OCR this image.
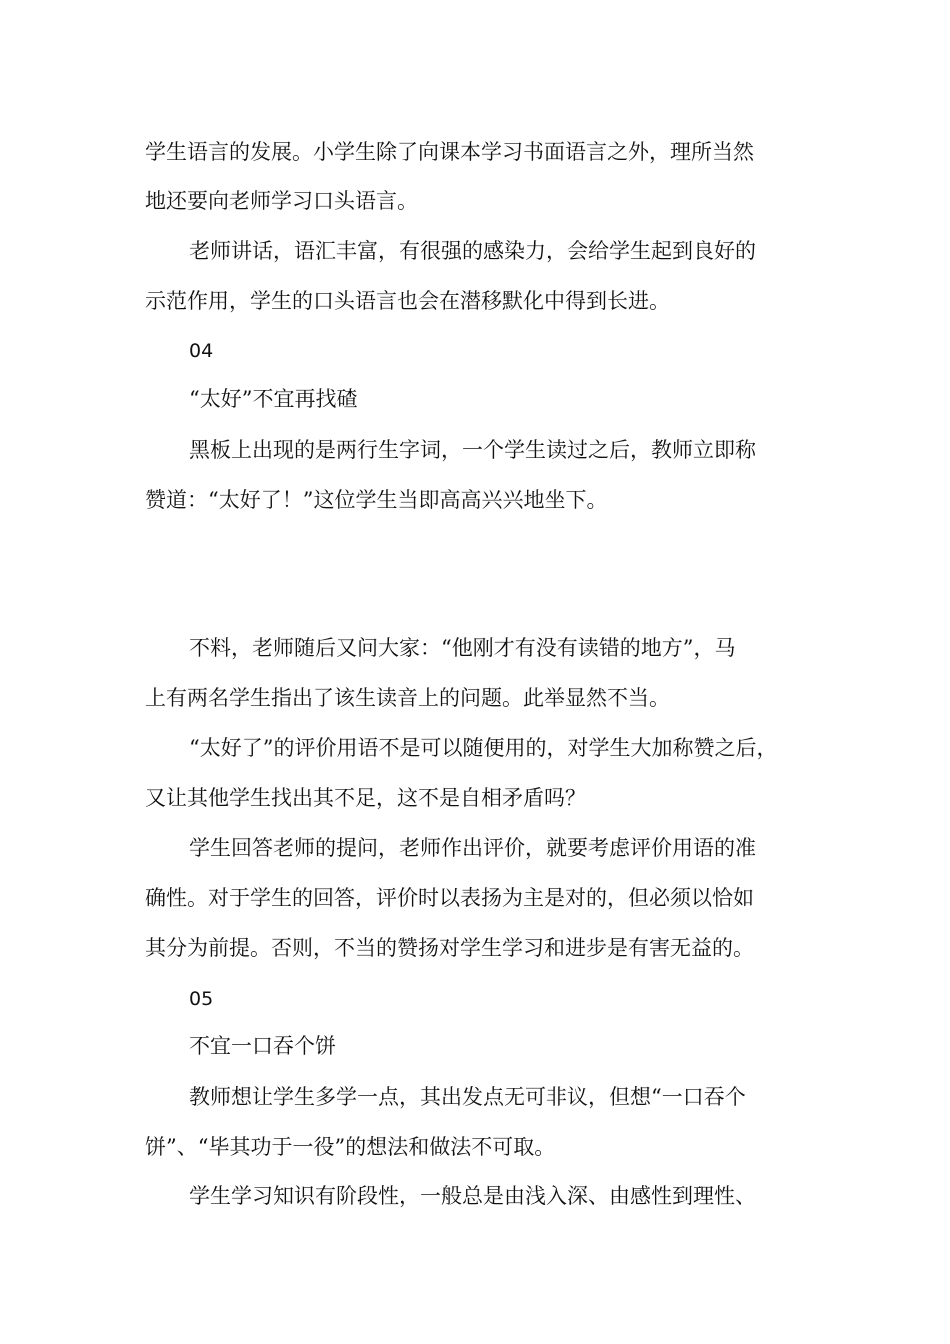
学生语言的发展。小学生除了向课本学习书面语言之外，理所当然

地还要向老师学习口头语言。

老师讲话，语汇丰富，有很强的感染力，会给学生起到良好的

示范作用，学生的口头语言也会在潜移默化中得到长进。

04

“太好”不宜再找碴

黑板上出现的是两行生字词，一个学生读过之后，教师立即称

赞道：“太好了！”这位学生当即高高兴兴地坐下。

不料，老师随后又问大家：“他刚才有没有读错的地方”，马

上有两名学生指出了该生读音上的问题。此举显然不当。

“太好了”的评价用语不是可以随便用的，对学生大加称赞之后，

又让其他学生找出其不足，这不是自相矛盾吗？

学生回答老师的提问，老师作出评价，就要考虑评价用语的准

确性。对于学生的回答，评价时以表扬为主是对的，但必须以恰如

其分为前提。否则，不当的赞扬对学生学习和进步是有害无益的。

05

不宜一口吞个饼

教师想让学生多学一点，其出发点无可非议，但想“一口吞个

饼”、“毕其功于一役”的想法和做法不可取。

学生学习知识有阶段性，一般总是由浅入深、由感性到理性、
